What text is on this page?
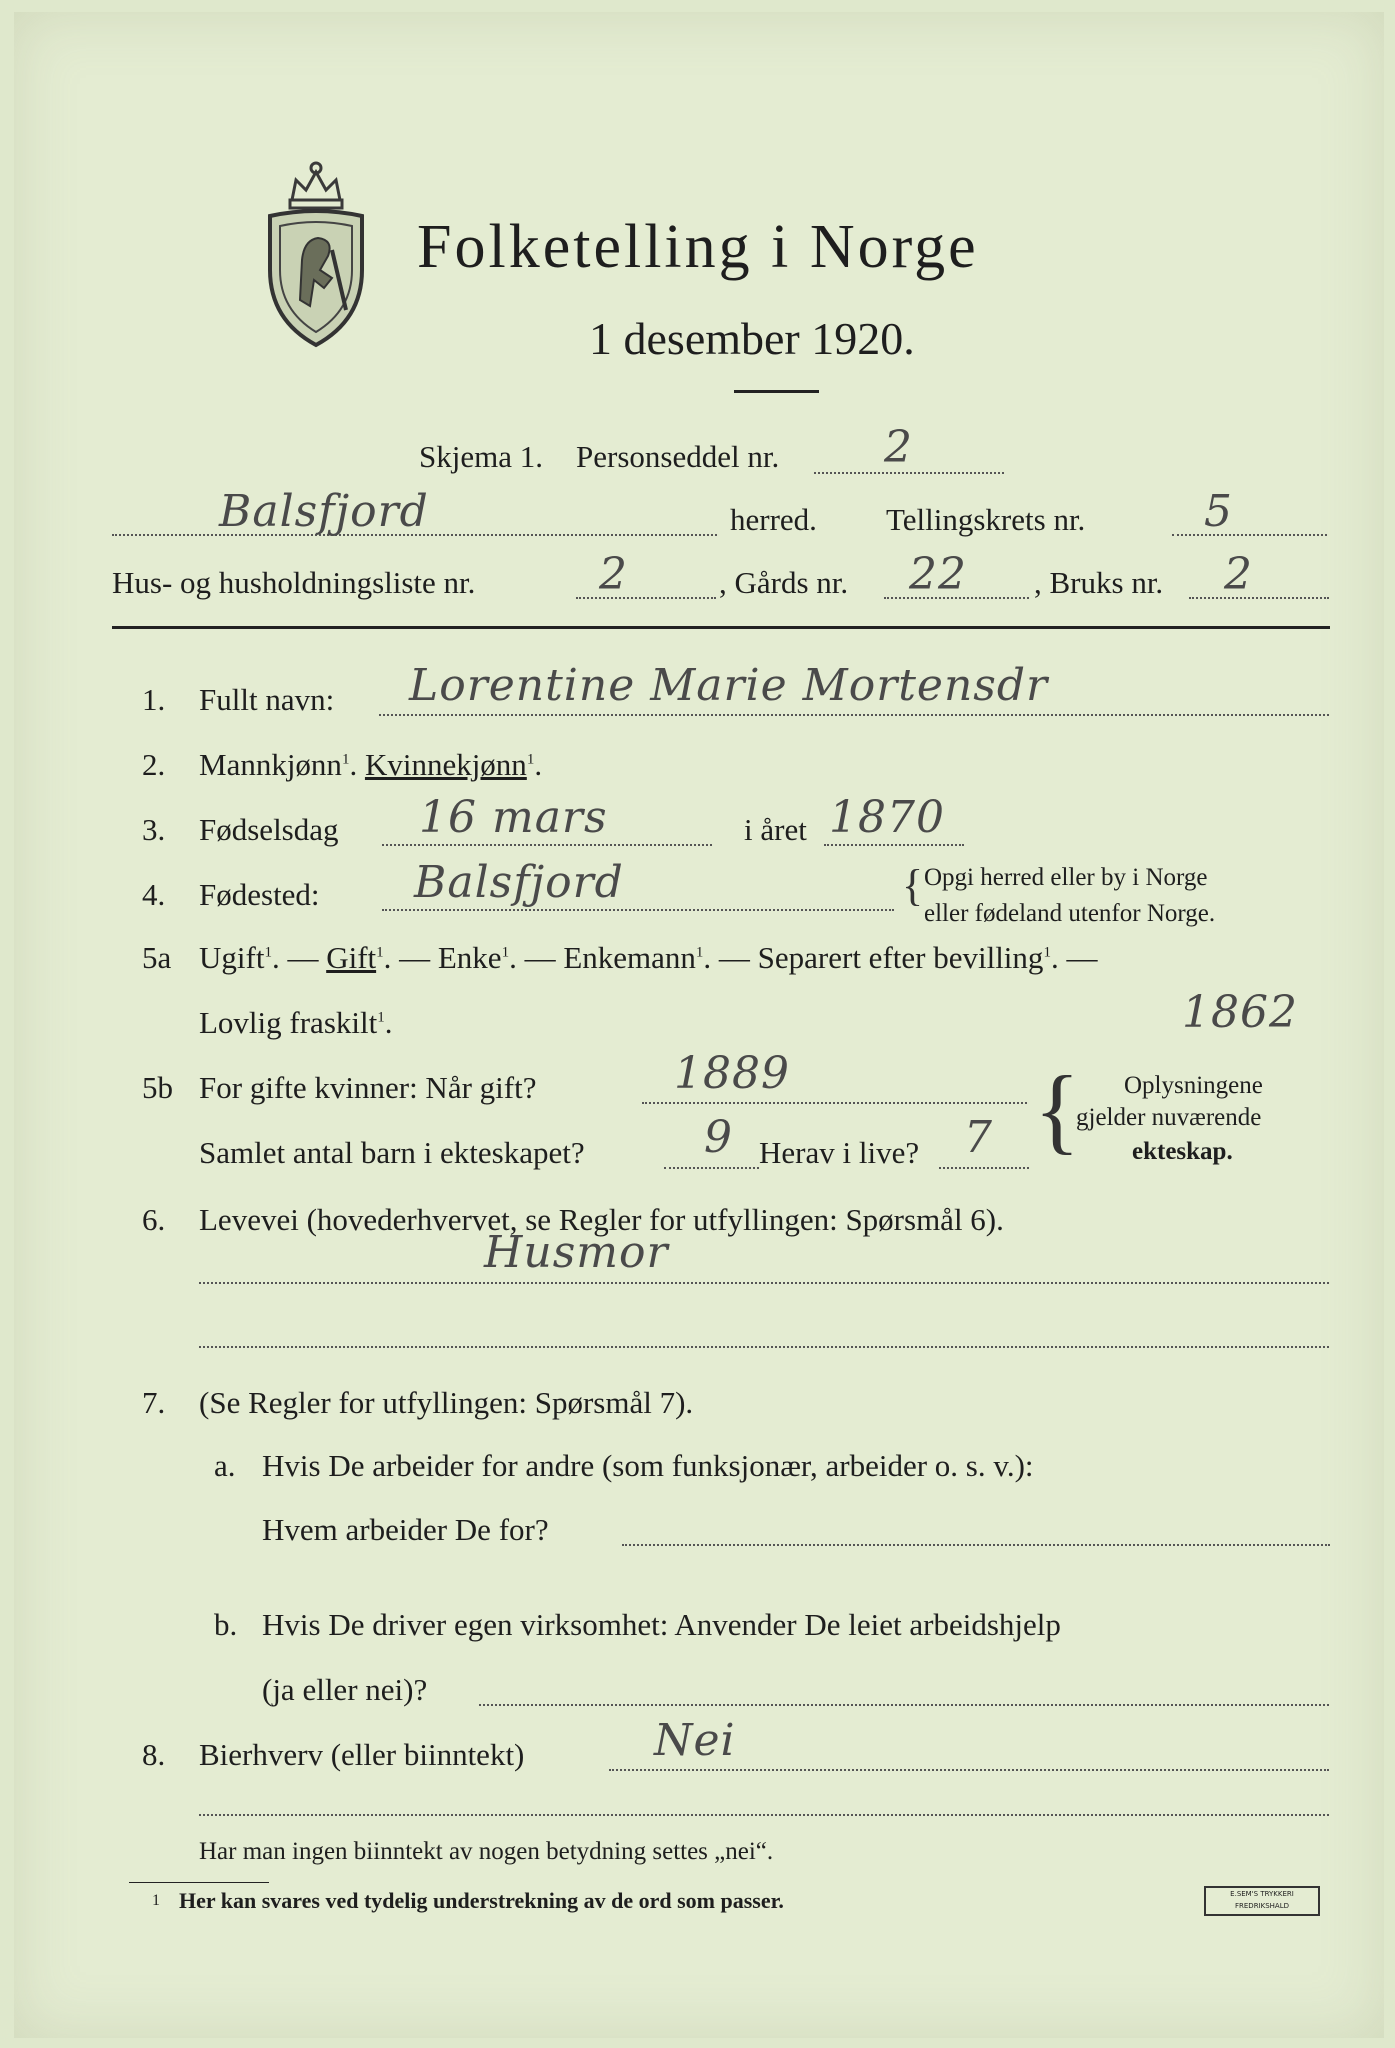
Folketelling i Norge
1 desember 1920.
Skjema 1. Personseddel nr. 2
Balsfjord	herred. Tellingskrets nr.	5
Hus- og husholdningsliste nr.	2	, Gårds nr. 22 , Bruks nr. 2
1. Fullt navn: Lorentine Marie Mortensdr
2. Mannkjønn$^1$. Kvinnekjønn$^1$.
3. Fødselsdag 16 mars	i året 1870
4. Fødested: Balsfjord	{ Opgi herred eller by i Norge
eller fødeland utenfor Norge.
5a Ugift$^1$. — Gift$^1$. — Enke$^1$. — Enkemann$^1$. — Separert efter bevilling$^1$. —
Lovlig fraskilt$^1$.	1862
5b For gifte kvinner: Når gift?	1889
Samlet antal barn i ekteskapet?	9 Herav i live? 7 { Oplysningene
gjelder nuværende
ekteskap.
6. Levevei (hovederhvervet, se Regler for utfyllingen: Spørsmål 6).
Husmor
7. (Se Regler for utfyllingen: Spørsmål 7).
a. Hvis De arbeider for andre (som funksjonær, arbeider o. s. v.):
Hvem arbeider De for?
b. Hvis De driver egen virksomhet: Anvender De leiet arbeidshjelp
(ja eller nei)?
8. Bierhverv (eller biinntekt)	Nei
Har man ingen biinntekt av nogen betydning settes „nei“.
1 Her kan svares ved tydelig understrekning av de ord som passer.	E.SEM'S TRYKKERI FREDRIKSHALD
